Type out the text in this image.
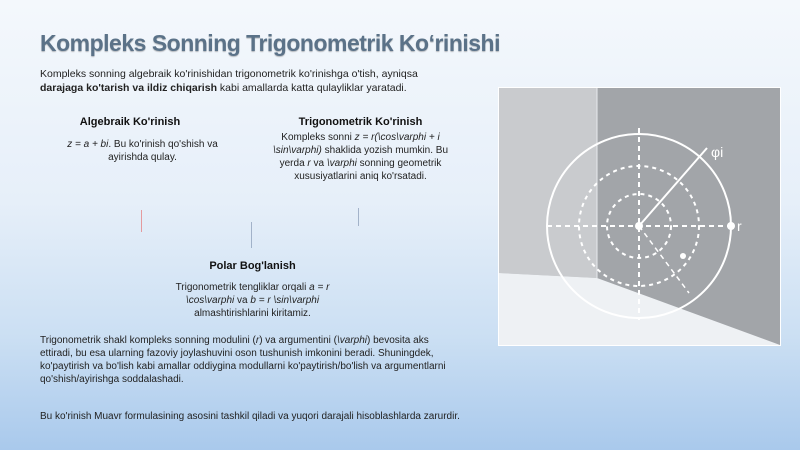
Kompleks Sonning Trigonometrik Ko‘rinishi
Kompleks sonning algebraik ko'rinishidan trigonometrik ko'rinishga o'tish, ayniqsa darajaga ko'tarish va ildiz chiqarish kabi amallarda katta qulayliklar yaratadi.
Algebraik Ko'rinish
z = a + bi. Bu ko'rinish qo'shish va ayirishda qulay.
Trigonometrik Ko'rinish
Kompleks sonni z = r(\cos\varphi + i \sin\varphi) shaklida yozish mumkin. Bu yerda r va \varphi sonning geometrik xususiyatlarini aniq ko'rsatadi.
Polar Bog'lanish
Trigonometrik tengliklar orqali a = r \cos\varphi va b = r \sin\varphi almashtirishlarini kiritamiz.
Trigonometrik shakl kompleks sonning modulini (r) va argumentini (\varphi) bevosita aks ettiradi, bu esa ularning fazoviy joylashuvini oson tushunish imkonini beradi. Shuningdek, ko'paytirish va bo'lish kabi amallar oddiygina modullarni ko'paytirish/bo'lish va argumentlarni qo'shish/ayirishga soddalashadi.
Bu ko'rinish Muavr formulasining asosini tashkil qiladi va yuqori darajali hisoblashlarda zarurdir.
φi
r
